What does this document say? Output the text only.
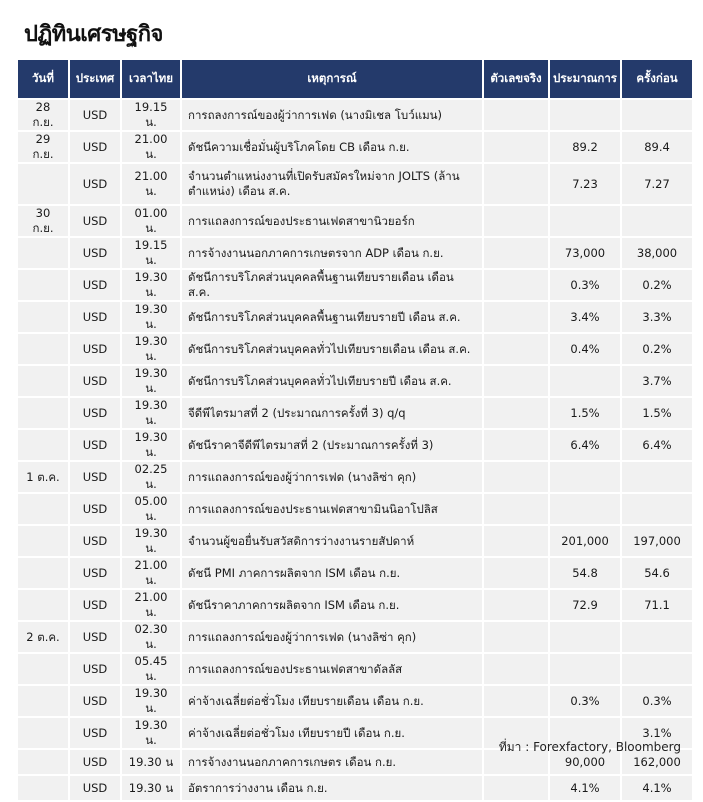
ปฏิทินเศรษฐกิจ
วันที่	ประเทศ	เวลาไทย	เหตุการณ์	ตัวเลขจริง	ประมาณการ	ครั้งก่อน
28 ก.ย.	USD	19.15 น.	การถลงการณ์ของผู้ว่าการเฟด (นางมิเชล โบว์แมน)			
29 ก.ย.	USD	21.00 น.	ดัชนีความเชื่อมั่นผู้บริโภคโดย CB เดือน ก.ย.		89.2	89.4
	USD	21.00 น.	จำนวนตำแหน่งงานที่เปิดรับสมัครใหม่จาก JOLTS (ล้านตำแหน่ง) เดือน ส.ค.		7.23	7.27
30 ก.ย.	USD	01.00 น.	การแถลงการณ์ของประธานเฟดสาขานิวยอร์ก			
	USD	19.15 น.	การจ้างงานนอกภาคการเกษตรจาก ADP เดือน ก.ย.		73,000	38,000
	USD	19.30 น.	ดัชนีการบริโภคส่วนบุคคลพื้นฐานเทียบรายเดือน เดือน ส.ค.		0.3%	0.2%
	USD	19.30 น.	ดัชนีการบริโภคส่วนบุคคลพื้นฐานเทียบรายปี เดือน ส.ค.		3.4%	3.3%
	USD	19.30 น.	ดัชนีการบริโภคส่วนบุคคลทั่วไปเทียบรายเดือน เดือน ส.ค.		0.4%	0.2%
	USD	19.30 น.	ดัชนีการบริโภคส่วนบุคคลทั่วไปเทียบรายปี เดือน ส.ค.			3.7%
	USD	19.30 น.	จีดีพีไตรมาสที่ 2 (ประมาณการครั้งที่ 3) q/q		1.5%	1.5%
	USD	19.30 น.	ดัชนีราคาจีดีพีไตรมาสที่ 2 (ประมาณการครั้งที่ 3)		6.4%	6.4%
1 ต.ค.	USD	02.25 น.	การแถลงการณ์ของผู้ว่าการเฟด (นางลิซ่า คุก)			
	USD	05.00 น.	การแถลงการณ์ของประธานเฟดสาขามินนิอาโปลิส			
	USD	19.30 น.	จำนวนผู้ขอยื่นรับสวัสดิการว่างงานรายสัปดาห์		201,000	197,000
	USD	21.00 น.	ดัชนี PMI ภาคการผลิตจาก ISM เดือน ก.ย.		54.8	54.6
	USD	21.00 น.	ดัชนีราคาภาคการผลิตจาก ISM เดือน ก.ย.		72.9	71.1
2 ต.ค.	USD	02.30 น.	การแถลงการณ์ของผู้ว่าการเฟด (นางลิซ่า คุก)			
	USD	05.45 น.	การแถลงการณ์ของประธานเฟดสาขาดัลลัส			
	USD	19.30 น.	ค่าจ้างเฉลี่ยต่อชั่วโมง เทียบรายเดือน เดือน ก.ย.		0.3%	0.3%
	USD	19.30 น.	ค่าจ้างเฉลี่ยต่อชั่วโมง เทียบรายปี เดือน ก.ย.			3.1%
	USD	19.30 น	การจ้างงานนอกภาคการเกษตร เดือน ก.ย.		90,000	162,000
	USD	19.30 น	อัตราการว่างงาน เดือน ก.ย.		4.1%	4.1%
ที่มา : Forexfactory, Bloomberg
